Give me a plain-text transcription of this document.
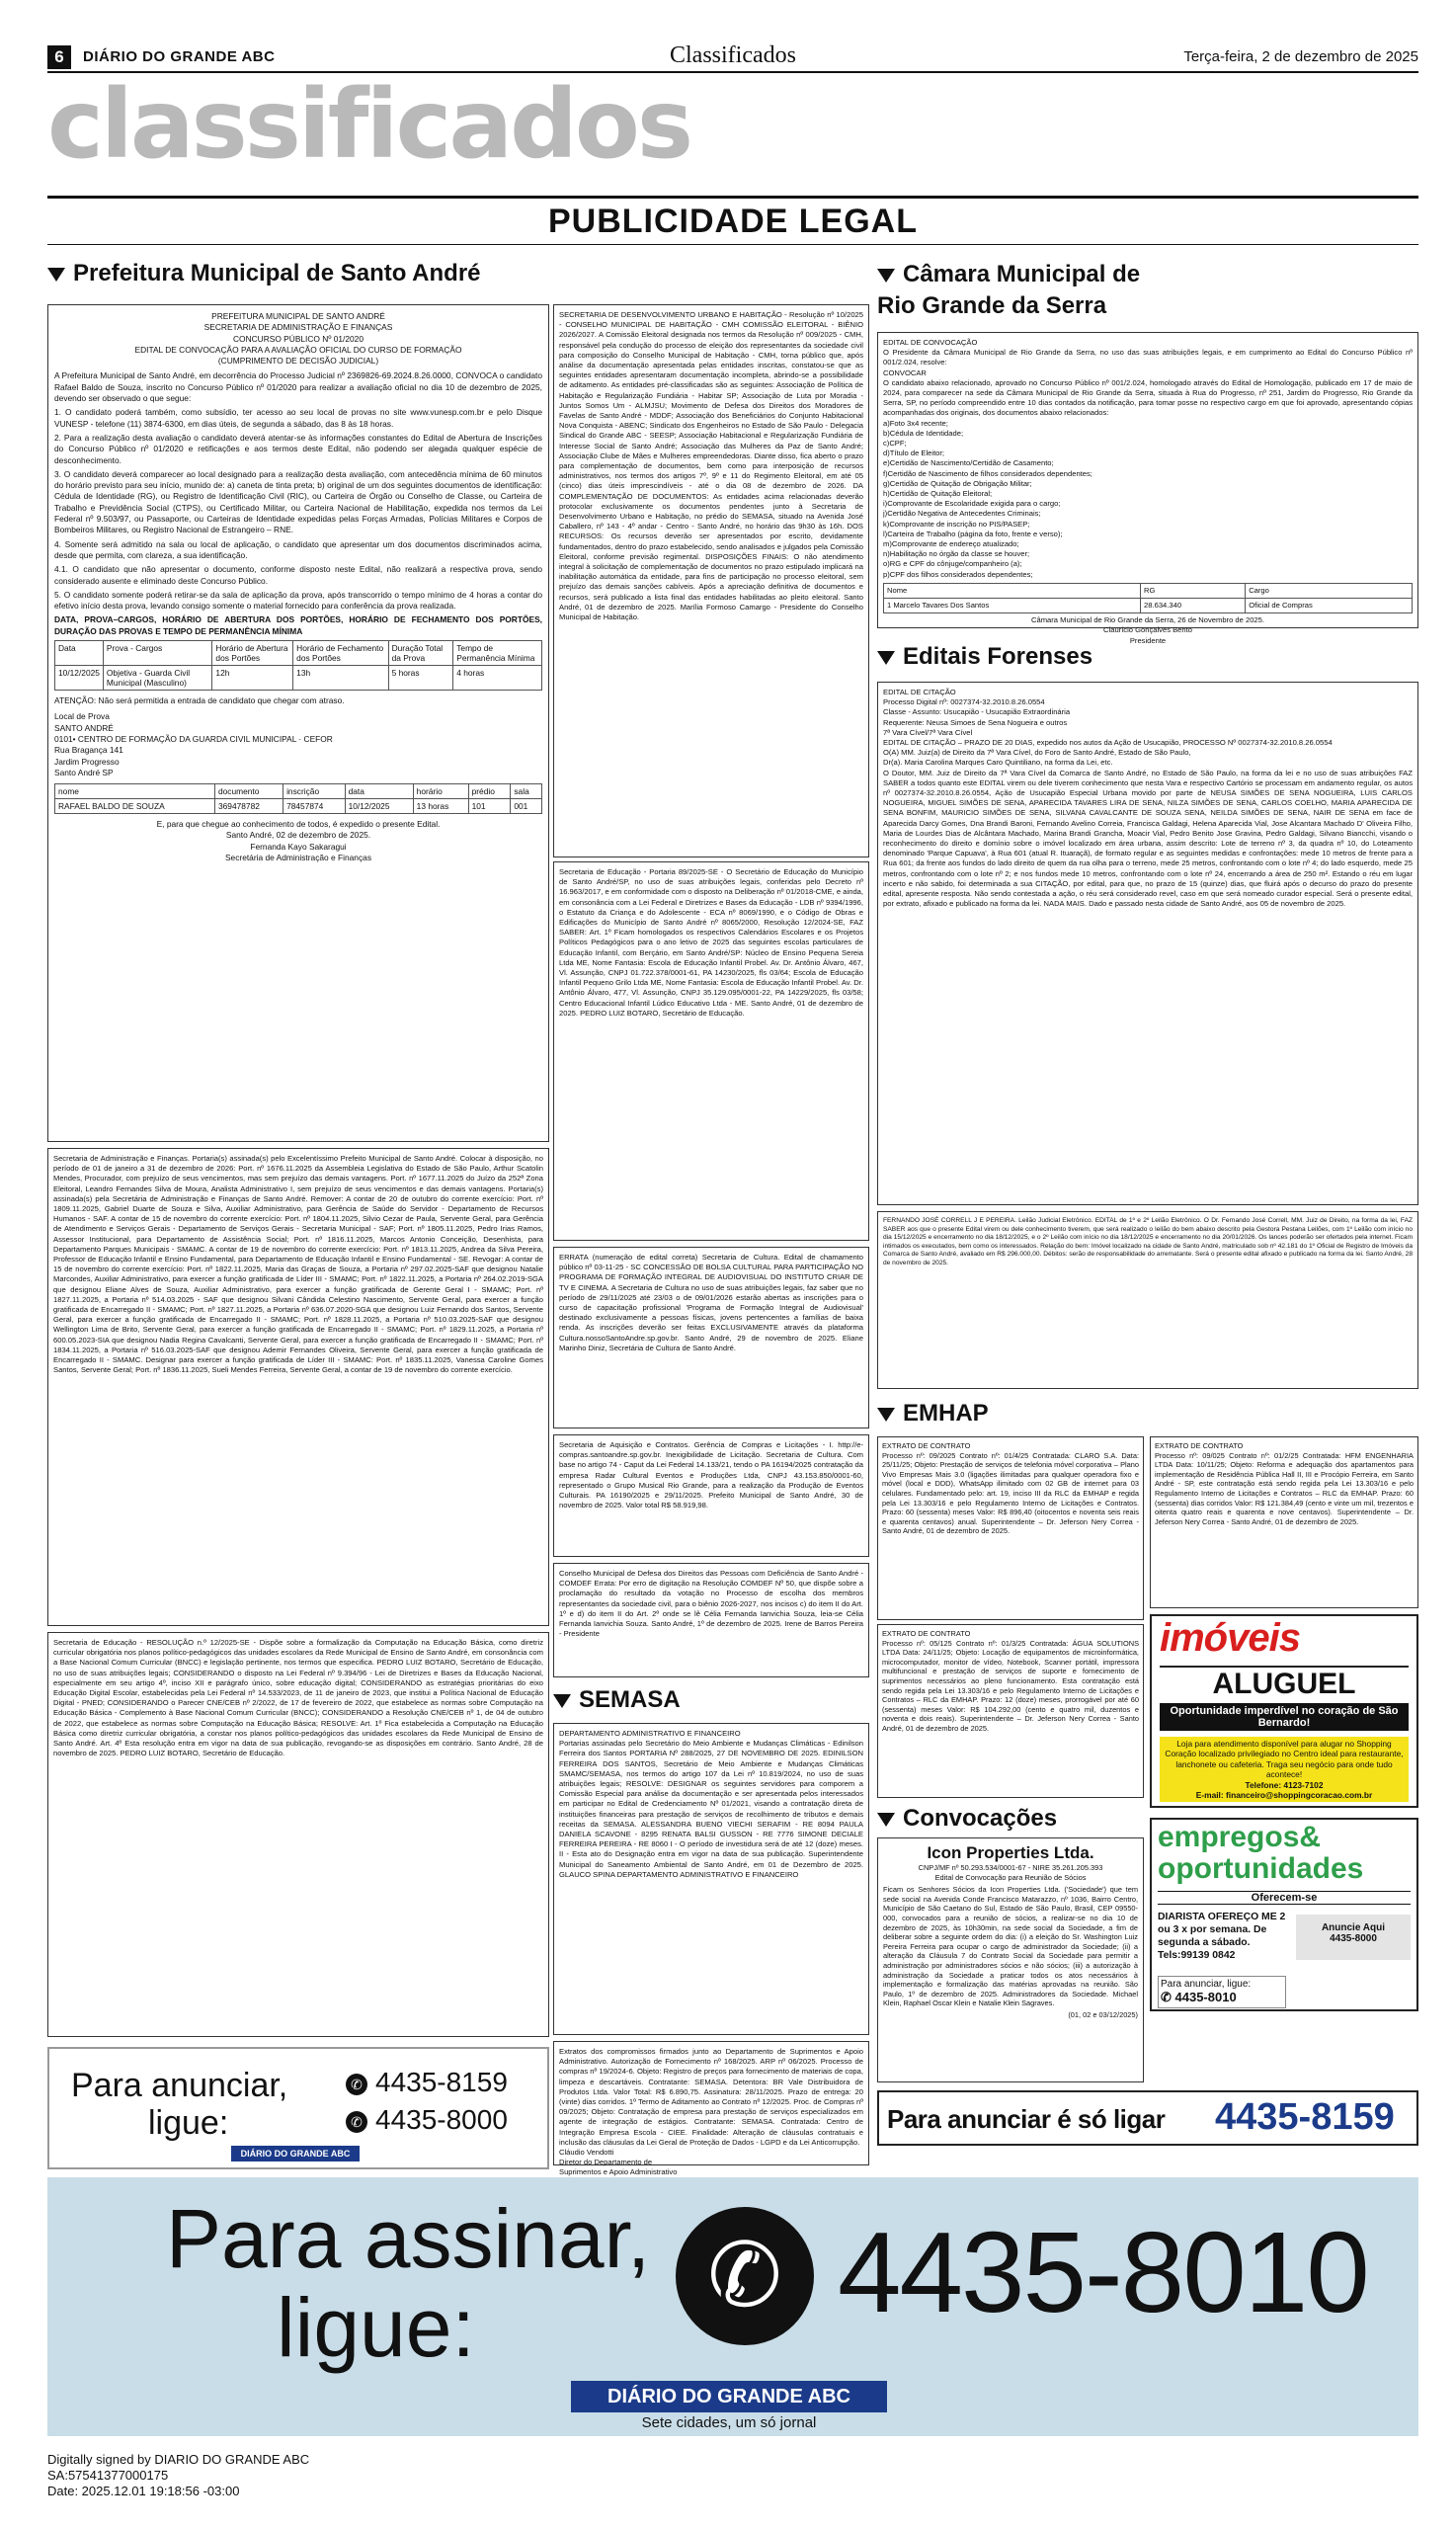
6	DIÁRIO DO GRANDE ABC	Classificados	Terça-feira, 2 de dezembro de 2025
classificados
PUBLICIDADE LEGAL
Prefeitura Municipal de Santo André
PREFEITURA MUNICIPAL DE SANTO ANDRÉ
SECRETARIA DE ADMINISTRAÇÃO E FINANÇAS
CONCURSO PÚBLICO Nº 01/2020
EDITAL DE CONVOCAÇÃO PARA A AVALIAÇÃO OFICIAL DO CURSO DE FORMAÇÃO
(CUMPRIMENTO DE DECISÃO JUDICIAL)

A Prefeitura Municipal de Santo André, em decorrência do Processo Judicial nº 2369826-69.2024.8.26.0000, CONVOCA o candidato Rafael Baldo de Souza, inscrito no Concurso Público nº 01/2020 para realizar a avaliação oficial no dia 10 de dezembro de 2025, devendo ser observado o que segue:

1. O candidato poderá também, como subsídio, ter acesso ao seu local de provas no site www.vunesp.com.br e pelo Disque VUNESP - telefone (11) 3874-6300, em dias úteis, de segunda a sábado, das 8 às 18 horas.

2. Para a realização desta avaliação o candidato deverá atentar-se às informações constantes do Edital de Abertura de Inscrições do Concurso Público nº 01/2020 e retificações e aos termos deste Edital, não podendo ser alegada qualquer espécie de desconhecimento.

3. O candidato deverá comparecer ao local designado para a realização desta avaliação, com antecedência mínima de 60 minutos do horário previsto para seu início, munido de: a) caneta de tinta preta; b) original de um dos seguintes documentos de identificação: Cédula de Identidade (RG), ou Registro de Identificação Civil (RIC), ou Carteira de Órgão ou Conselho de Classe, ou Carteira de Trabalho e Previdência Social (CTPS), ou Certificado Militar, ou Carteira Nacional de Habilitação, expedida nos termos da Lei Federal nº 9.503/97, ou Passaporte, ou Carteiras de Identidade expedidas pelas Forças Armadas, Polícias Militares e Corpos de Bombeiros Militares, ou Registro Nacional de Estrangeiro – RNE.

4. Somente será admitido na sala ou local de aplicação, o candidato que apresentar um dos documentos discriminados acima, desde que permita, com clareza, a sua identificação.

4.1. O candidato que não apresentar o documento, conforme disposto neste Edital, não realizará a respectiva prova, sendo considerado ausente e eliminado deste Concurso Público.

5. O candidato somente poderá retirar-se da sala de aplicação da prova, após transcorrido o tempo mínimo de 4 horas a contar do efetivo início desta prova, levando consigo somente o material fornecido para conferência da prova realizada.

DATA, PROVA–CARGOS, HORÁRIO DE ABERTURA DOS PORTÕES, HORÁRIO DE FECHAMENTO DOS PORTÕES, DURAÇÃO DAS PROVAS E TEMPO DE PERMANÊNCIA MÍNIMA

Data	Prova - Cargos	Horário de Abertura dos Portões	Horário de Fechamento dos Portões	Duração Total da Prova	Tempo de Permanência Mínima
10/12/2025	Objetiva - Guarda Civil Municipal (Masculino)	12h	13h	5 horas	4 horas
ATENÇÃO: Não será permitida a entrada de candidato que chegar com atraso.
Local de Prova
SANTO ANDRÉ
0101• CENTRO DE FORMAÇÃO DA GUARDA CIVIL MUNICIPAL · CEFOR
Rua Bragança 141
Jardim Progresso
Santo André SP
nome	documento	inscrição	data	horário	prédio	sala
RAFAEL BALDO DE SOUZA	369478782	78457874	10/12/2025	13 horas	101	001
E, para que chegue ao conhecimento de todos, é expedido o presente Edital.
Santo André, 02 de dezembro de 2025.
Fernanda Kayo Sakaragui
Secretária de Administração e Finanças
Secretaria de Administração e Finanças. Portaria(s) assinada(s) pelo Excelentíssimo Prefeito Municipal de Santo André. Colocar à disposição, no período de 01 de janeiro a 31 de dezembro de 2026: Port. nº 1676.11.2025 da Assembleia Legislativa do Estado de São Paulo, Arthur Scatolin Mendes, Procurador, com prejuízo de seus vencimentos, mas sem prejuízo das demais vantagens. Port. nº 1677.11.2025 do Juízo da 252ª Zona Eleitoral, Leandro Fernandes Silva de Moura, Analista Administrativo I, sem prejuízo de seus vencimentos e das demais vantagens. Portaria(s) assinada(s) pela Secretária de Administração e Finanças de Santo André. Remover: A contar de 20 de outubro do corrente exercício: Port. nº 1809.11.2025, Gabriel Duarte de Souza e Silva, Auxiliar Administrativo, para Gerência de Saúde do Servidor - Departamento de Recursos Humanos - SAF. A contar de 15 de novembro do corrente exercício: Port. nº 1804.11.2025, Silvio Cezar de Paula, Servente Geral, para Gerência de Atendimento e Serviços Gerais - Departamento de Serviços Gerais - Secretaria Municipal - SAF; Port. nº 1805.11.2025, Pedro Irias Ramos, Assessor Institucional, para Departamento de Assistência Social; Port. nº 1816.11.2025, Marcos Antonio Conceição, Desenhista, para Departamento Parques Municipais - SMAMC. A contar de 19 de novembro do corrente exercício: Port. nº 1813.11.2025, Andrea da Silva Pereira, Professor de Educação Infantil e Ensino Fundamental, para Departamento de Educação Infantil e Ensino Fundamental - SE. Revogar: A contar de 15 de novembro do corrente exercício: Port. nº 1822.11.2025, Maria das Graças de Souza, a Portaria nº 297.02.2025-SAF que designou Natalie Marcondes, Auxiliar Administrativo, para exercer a função gratificada de Líder III - SMAMC; Port. nº 1822.11.2025, a Portaria nº 264.02.2019-SGA que designou Eliane Alves de Souza, Auxiliar Administrativo, para exercer a função gratificada de Gerente Geral I - SMAMC; Port. nº 1827.11.2025, a Portaria nº 514.03.2025 - SAF que designou Silvani Cândida Celestino Nascimento, Servente Geral, para exercer a função gratificada de Encarregado II - SMAMC; Port. nº 1827.11.2025, a Portaria nº 636.07.2020-SGA que designou Luiz Fernando dos Santos, Servente Geral, para exercer a função gratificada de Encarregado II - SMAMC; Port. nº 1828.11.2025, a Portaria nº 510.03.2025-SAF que designou Wellington Lima de Brito, Servente Geral, para exercer a função gratificada de Encarregado II - SMAMC; Port. nº 1829.11.2025, a Portaria nº 600.05.2023-SIA que designou Nadia Regina Cavalcanti, Servente Geral, para exercer a função gratificada de Encarregado II - SMAMC; Port. nº 1834.11.2025, a Portaria nº 516.03.2025-SAF que designou Ademir Fernandes Oliveira, Servente Geral, para exercer a função gratificada de Encarregado II - SMAMC. Designar para exercer a função gratificada de Líder III - SMAMC: Port. nº 1835.11.2025, Vanessa Caroline Gomes Santos, Servente Geral; Port. nº 1836.11.2025, Sueli Mendes Ferreira, Servente Geral, a contar de 19 de novembro do corrente exercício.
Secretaria de Educação - RESOLUÇÃO n.º 12/2025-SE - Dispõe sobre a formalização da Computação na Educação Básica, como diretriz curricular obrigatória nos planos político-pedagógicos das unidades escolares da Rede Municipal de Ensino de Santo André, em consonância com a Base Nacional Comum Curricular (BNCC) e legislação pertinente, nos termos que especifica. PEDRO LUIZ BOTARO, Secretário de Educação, no uso de suas atribuições legais; CONSIDERANDO o disposto na Lei Federal nº 9.394/96 - Lei de Diretrizes e Bases da Educação Nacional, especialmente em seu artigo 4º, inciso XII e parágrafo único, sobre educação digital; CONSIDERANDO as estratégias prioritárias do eixo Educação Digital Escolar, estabelecidas pela Lei Federal nº 14.533/2023, de 11 de janeiro de 2023, que institui a Política Nacional de Educação Digital - PNED; CONSIDERANDO o Parecer CNE/CEB nº 2/2022, de 17 de fevereiro de 2022, que estabelece as normas sobre Computação na Educação Básica - Complemento à Base Nacional Comum Curricular (BNCC); CONSIDERANDO a Resolução CNE/CEB nº 1, de 04 de outubro de 2022, que estabelece as normas sobre Computação na Educação Básica; RESOLVE: Art. 1º Fica estabelecida a Computação na Educação Básica como diretriz curricular obrigatória, a constar nos planos político-pedagógicos das unidades escolares da Rede Municipal de Ensino de Santo André. Art. 4º Esta resolução entra em vigor na data de sua publicação, revogando-se as disposições em contrário. Santo André, 28 de novembro de 2025. PEDRO LUIZ BOTARO, Secretário de Educação.
Para anunciar,
ligue:
✆ 4435-8159
✆ 4435-8000
DIÁRIO DO GRANDE ABC
SECRETARIA DE DESENVOLVIMENTO URBANO E HABITAÇÃO - Resolução nº 10/2025 - CONSELHO MUNICIPAL DE HABITAÇÃO - CMH COMISSÃO ELEITORAL - BIÊNIO 2026/2027. A Comissão Eleitoral designada nos termos da Resolução nº 009/2025 - CMH, responsável pela condução do processo de eleição dos representantes da sociedade civil para composição do Conselho Municipal de Habitação - CMH, torna público que, após análise da documentação apresentada pelas entidades inscritas, constatou-se que as seguintes entidades apresentaram documentação incompleta, abrindo-se a possibilidade de aditamento. As entidades pré-classificadas são as seguintes: Associação de Política de Habitação e Regularização Fundiária - Habitar SP; Associação de Luta por Moradia - Juntos Somos Um - ALMJSU; Movimento de Defesa dos Direitos dos Moradores de Favelas de Santo André - MDDF; Associação dos Beneficiários do Conjunto Habitacional Nova Conquista - ABENC; Sindicato dos Engenheiros no Estado de São Paulo - Delegacia Sindical do Grande ABC - SEESP; Associação Habitacional e Regularização Fundiária de Interesse Social de Santo André; Associação das Mulheres da Paz de Santo André; Associação Clube de Mães e Mulheres empreendedoras. Diante disso, fica aberto o prazo para complementação de documentos, bem como para interposição de recursos administrativos, nos termos dos artigos 7º, 9º e 11 do Regimento Eleitoral, em até 05 (cinco) dias úteis imprescindíveis - até o dia 08 de dezembro de 2026. DA COMPLEMENTAÇÃO DE DOCUMENTOS: As entidades acima relacionadas deverão protocolar exclusivamente os documentos pendentes junto à Secretaria de Desenvolvimento Urbano e Habitação, no prédio do SEMASA, situado na Avenida José Caballero, nº 143 - 4º andar - Centro - Santo André, no horário das 9h30 às 16h. DOS RECURSOS: Os recursos deverão ser apresentados por escrito, devidamente fundamentados, dentro do prazo estabelecido, sendo analisados e julgados pela Comissão Eleitoral, conforme previsão regimental. DISPOSIÇÕES FINAIS: O não atendimento integral à solicitação de complementação de documentos no prazo estipulado implicará na inabilitação automática da entidade, para fins de participação no processo eleitoral, sem prejuízo das demais sanções cabíveis. Após a apreciação definitiva de documentos e recursos, será publicado a lista final das entidades habilitadas ao pleito eleitoral. Santo André, 01 de dezembro de 2025. Marília Formoso Camargo - Presidente do Conselho Municipal de Habitação.
Secretaria de Educação - Portaria 89/2025-SE - O Secretário de Educação do Município de Santo André/SP, no uso de suas atribuições legais, conferidas pelo Decreto nº 16.963/2017, e em conformidade com o disposto na Deliberação nº 01/2018-CME, e ainda, em consonância com a Lei Federal e Diretrizes e Bases da Educação - LDB nº 9394/1996, o Estatuto da Criança e do Adolescente - ECA nº 8069/1990, e o Código de Obras e Edificações do Município de Santo André nº 8065/2000, Resolução 12/2024-SE, FAZ SABER: Art. 1º Ficam homologados os respectivos Calendários Escolares e os Projetos Políticos Pedagógicos para o ano letivo de 2025 das seguintes escolas particulares de Educação Infantil, com Berçário, em Santo André/SP: Núcleo de Ensino Pequena Sereia Ltda ME, Nome Fantasia: Escola de Educação Infantil Probel. Av. Dr. Antônio Álvaro, 467, Vl. Assunção, CNPJ 01.722.378/0001-61, PA 14230/2025, fls 03/64; Escola de Educação Infantil Pequeno Grilo Ltda ME, Nome Fantasia: Escola de Educação Infantil Probel. Av. Dr. Antônio Álvaro, 477, Vl. Assunção, CNPJ 35.129.095/0001-22, PA 14229/2025, fls 03/58; Centro Educacional Infantil Lúdico Educativo Ltda - ME. Santo André, 01 de dezembro de 2025. PEDRO LUIZ BOTARO, Secretário de Educação.
ERRATA (numeração de edital correta) Secretaria de Cultura. Edital de chamamento público nº 03-11-25 - SC CONCESSÃO DE BOLSA CULTURAL PARA PARTICIPAÇÃO NO PROGRAMA DE FORMAÇÃO INTEGRAL DE AUDIOVISUAL DO INSTITUTO CRIAR DE TV E CINEMA. A Secretaria de Cultura no uso de suas atribuições legais, faz saber que no período de 29/11/2025 até 23/03 o de 09/01/2026 estarão abertas as inscrições para o curso de capacitação profissional 'Programa de Formação Integral de Audiovisual' destinado exclusivamente a pessoas físicas, jovens pertencentes a famílias de baixa renda. As inscrições deverão ser feitas EXCLUSIVAMENTE através da plataforma Cultura.nossoSantoAndre.sp.gov.br. Santo André, 29 de novembro de 2025. Eliane Marinho Diniz, Secretária de Cultura de Santo André.
Secretaria de Aquisição e Contratos. Gerência de Compras e Licitações - I. http://e-compras.santoandre.sp.gov.br. Inexigibilidade de Licitação. Secretaria de Cultura. Com base no artigo 74 - Caput da Lei Federal 14.133/21, tendo o PA 16194/2025 contratação da empresa Radar Cultural Eventos e Produções Ltda, CNPJ 43.153.850/0001-60, representado o Grupo Musical Rio Grande, para a realização da Produção de Eventos Culturais. PA 16190/2025 e 29/11/2025. Prefeito Municipal de Santo André, 30 de novembro de 2025. Valor total R$ 58.919,98.
Conselho Municipal de Defesa dos Direitos das Pessoas com Deficiência de Santo André - COMDEF Errata: Por erro de digitação na Resolução COMDEF Nº 50, que dispõe sobre a proclamação do resultado da votação no Processo de escolha dos membros representantes da sociedade civil, para o biênio 2026-2027, nos incisos c) do item II do Art. 1º e d) do item II do Art. 2º onde se lê Célia Fernanda Ianvichia Souza, leia-se Célia Fernanda Ianvichia Souza. Santo André, 1º de dezembro de 2025. Irene de Barros Pereira - Presidente
SEMASA
DEPARTAMENTO ADMINISTRATIVO E FINANCEIRO
Portarias assinadas pelo Secretário do Meio Ambiente e Mudanças Climáticas - Edinilson Ferreira dos Santos PORTARIA Nº 288/2025, 27 DE NOVEMBRO DE 2025. EDINILSON FERREIRA DOS SANTOS, Secretário de Meio Ambiente e Mudanças Climáticas SMAMC/SEMASA, nos termos do artigo 107 da Lei nº 10.819/2024, no uso de suas atribuições legais; RESOLVE: DESIGNAR os seguintes servidores para comporem a Comissão Especial para análise da documentação e ser apresentada pelos interessados em participar no Edital de Credenciamento Nº 01/2021, visando a contratação direta de instituições financeiras para prestação de serviços de recolhimento de tributos e demais receitas da SEMASA. ALESSANDRA BUENO VIECHI SERAFIM - RE 8094 PAULA DANIELA SCAVONE - 8295 RENATA BALSI GUSSON - RE 7776 SIMONE DECIALE FERREIRA PEREIRA - RE 8060 I - O período de investidura será de até 12 (doze) meses. II - Esta ato do Designação entra em vigor na data de sua publicação. Superintendente Municipal do Saneamento Ambiental de Santo André, em 01 de Dezembro de 2025. GLAUCO SPINA DEPARTAMENTO ADMINISTRATIVO E FINANCEIRO
Extratos dos compromissos firmados junto ao Departamento de Suprimentos e Apoio Administrativo. Autorização de Fornecimento nº 168/2025. ARP nº 06/2025. Processo de compras nº 19/2024-6. Objeto: Registro de preços para fornecimento de materiais de copa, limpeza e descartáveis. Contratante: SEMASA. Detentora: BR Vale Distribuidora de Produtos Ltda. Valor Total: R$ 6.890,75. Assinatura: 28/11/2025. Prazo de entrega: 20 (vinte) dias corridos. 1º Termo de Aditamento ao Contrato nº 12/2025. Proc. de Compras nº 09/2025; Objeto: Contratação de empresa para prestação de serviços especializados em agente de integração de estágios. Contratante: SEMASA. Contratada: Centro de Integração Empresa Escola - CIEE. Finalidade: Alteração de cláusulas contratuais e inclusão das cláusulas da Lei Geral de Proteção de Dados - LGPD e da Lei Anticorrupção.
Cláudio Vendotti
Diretor do Departamento de
Suprimentos e Apoio Administrativo
Câmara Municipal de
Rio Grande da Serra
EDITAL DE CONVOCAÇÃO
O Presidente da Câmara Municipal de Rio Grande da Serra, no uso das suas atribuições legais, e em cumprimento ao Edital do Concurso Público nº 001/2.024, resolve:
CONVOCAR
O candidato abaixo relacionado, aprovado no Concurso Público nº 001/2.024, homologado através do Edital de Homologação, publicado em 17 de maio de 2024, para comparecer na sede da Câmara Municipal de Rio Grande da Serra, situada à Rua do Progresso, nº 251, Jardim do Progresso, Rio Grande da Serra, SP, no período compreendido entre 10 dias contados da notificação, para tomar posse no respectivo cargo em que foi aprovado, apresentando cópias acompanhadas dos originais, dos documentos abaixo relacionados:
a)Foto 3x4 recente;
b)Cédula de Identidade;
c)CPF;
d)Título de Eleitor;
e)Certidão de Nascimento/Certidão de Casamento;
f)Certidão de Nascimento de filhos considerados dependentes;
g)Certidão de Quitação de Obrigação Militar;
h)Certidão de Quitação Eleitoral;
i)Comprovante de Escolaridade exigida para o cargo;
j)Certidão Negativa de Antecedentes Criminais;
k)Comprovante de inscrição no PIS/PASEP;
l)Carteira de Trabalho (página da foto, frente e verso);
m)Comprovante de endereço atualizado;
n)Habilitação no órgão da classe se houver;
o)RG e CPF do cônjuge/companheiro (a);
p)CPF dos filhos considerados dependentes;
Nome	RG	Cargo
1 Marcelo Tavares Dos Santos	28.634.340	Oficial de Compras
Câmara Municipal de Rio Grande da Serra, 26 de Novembro de 2025.
Claurício Gonçalves Bento
Presidente
Editais Forenses
EDITAL DE CITAÇÃO
Processo Digital nº: 0027374-32.2010.8.26.0554
Classe - Assunto: Usucapião - Usucapião Extraordinária
Requerente: Neusa Simoes de Sena Nogueira e outros
7ª Vara Cível/7ª Vara Cível
EDITAL DE CITAÇÃO – PRAZO DE 20 DIAS, expedido nos autos da Ação de Usucapião, PROCESSO Nº 0027374-32.2010.8.26.0554
O(A) MM. Juiz(a) de Direito da 7ª Vara Cível, do Foro de Santo André, Estado de São Paulo,
Dr(a). Maria Carolina Marques Caro Quintiliano, na forma da Lei, etc.
O Doutor, MM. Juiz de Direito da 7ª Vara Cível da Comarca de Santo André, no Estado de São Paulo, na forma da lei e no uso de suas atribuições FAZ SABER a todos quanto este EDITAL virem ou dele tiverem conhecimento que nesta Vara e respectivo Cartório se processam em andamento regular, os autos nº 0027374-32.2010.8.26.0554, Ação de Usucapião Especial Urbana movido por parte de NEUSA SIMÕES DE SENA NOGUEIRA, LUIS CARLOS NOGUEIRA, MIGUEL SIMÕES DE SENA, APARECIDA TAVARES LIRA DE SENA, NILZA SIMÕES DE SENA, CARLOS COELHO, MARIA APARECIDA DE SENA BONFIM, MAURICIO SIMÕES DE SENA, SILVANA CAVALCANTE DE SOUZA SENA, NEILDA SIMÕES DE SENA, NAIR DE SENA em face de Aparecida Darcy Gomes, Dna Brandi Baroni, Fernando Avelino Correia, Francisca Galdagi, Helena Aparecida Vial, Jose Alcantara Machado D' Oliveira Filho, Maria de Lourdes Dias de Alcântara Machado, Marina Brandi Grancha, Moacir Vial, Pedro Benito Jose Gravina, Pedro Galdagi, Silvano Biancchi, visando o reconhecimento do direito e domínio sobre o imóvel localizado em área urbana, assim descrito: Lote de terreno nº 3, da quadra nº 10, do Loteamento denominado 'Parque Capuava', à Rua 601 (atual R. Ituaraçã), de formato regular e as seguintes medidas e confrontações: mede 10 metros de frente para a Rua 601; da frente aos fundos do lado direito de quem da rua olha para o terreno, mede 25 metros, confrontando com o lote nº 4; do lado esquerdo, mede 25 metros, confrontando com o lote nº 2; e nos fundos mede 10 metros, confrontando com o lote nº 24, encerrando a área de 250 m². Estando o réu em lugar incerto e não sabido, foi determinada a sua CITAÇÃO, por edital, para que, no prazo de 15 (quinze) dias, que fluirá após o decurso do prazo do presente edital, apresente resposta. Não sendo contestada a ação, o réu será considerado revel, caso em que será nomeado curador especial. Será o presente edital, por extrato, afixado e publicado na forma da lei. NADA MAIS. Dado e passado nesta cidade de Santo André, aos 05 de novembro de 2025.
FERNANDO JOSÉ CORRELL J E PEREIRA. Leilão Judicial Eletrônico. EDITAL de 1º e 2º Leilão Eletrônico. O Dr. Fernando José Correll, MM. Juiz de Direito, na forma da lei, FAZ SABER aos que o presente Edital virem ou dele conhecimento tiverem, que será realizado o leilão do bem abaixo descrito pela Gestora Pestana Leilões, com 1º Leilão com início no dia 15/12/2025 e encerramento no dia 18/12/2025, e o 2º Leilão com início no dia 18/12/2025 e encerramento no dia 20/01/2026. Os lances poderão ser ofertados pela internet. Ficam intimados os executados, bem como os interessados. Relação do bem: Imóvel localizado na cidade de Santo André, matriculado sob nº 42.181 do 1º Oficial de Registro de Imóveis da Comarca de Santo André, avaliado em R$ 296.000,00. Débitos: serão de responsabilidade do arrematante. Será o presente edital afixado e publicado na forma da lei. Santo André, 28 de novembro de 2025.
EMHAP
EXTRATO DE CONTRATO
Processo nº: 09/2025 Contrato nº: 01/4/25 Contratada: CLARO S.A. Data: 25/11/25; Objeto: Prestação de serviços de telefonia móvel corporativa – Plano Vivo Empresas Mais 3.0 (ligações ilimitadas para qualquer operadora fixo e móvel (local e DDD), WhatsApp ilimitado com 02 GB de internet para 03 celulares. Fundamentado pelo: art. 19, inciso III da RLC da EMHAP e regida pela Lei 13.303/16 e pelo Regulamento Interno de Licitações e Contratos. Prazo: 60 (sessenta) meses Valor: R$ 896,40 (oitocentos e noventa seis reais e quarenta centavos) anual. Superintendente – Dr. Jeferson Nery Correa - Santo André, 01 de dezembro de 2025.
EXTRATO DE CONTRATO
Processo nº: 05/125 Contrato nº: 01/3/25 Contratada: ÁGUA SOLUTIONS LTDA Data: 24/11/25; Objeto: Locação de equipamentos de microinformática, microcomputador, monitor de vídeo, Notebook, Scanner portátil, impressora multifuncional e prestação de serviços de suporte e fornecimento de suprimentos necessários ao pleno funcionamento. Esta contratação está sendo regida pela Lei 13.303/16 e pelo Regulamento Interno de Licitações e Contratos – RLC da EMHAP. Prazo: 12 (doze) meses, prorrogável por até 60 (sessenta) meses Valor: R$ 104.292,00 (cento e quatro mil, duzentos e noventa e dois reais). Superintendente – Dr. Jeferson Nery Correa - Santo André, 01 de dezembro de 2025.
EXTRATO DE CONTRATO
Processo nº: 09/025 Contrato nº: 01/2/25 Contratada: HFM ENGENHARIA LTDA Data: 10/11/25; Objeto: Reforma e adequação dos apartamentos para implementação de Residência Pública Hall II, III e Procópio Ferreira, em Santo André - SP, este contratação está sendo regida pela Lei 13.303/16 e pelo Regulamento Interno de Licitações e Contratos – RLC da EMHAP. Prazo: 60 (sessenta) dias corridos Valor: R$ 121.384,49 (cento e vinte um mil, trezentos e oitenta quatro reais e quarenta e nove centavos). Superintendente – Dr. Jeferson Nery Correa - Santo André, 01 de dezembro de 2025.
Convocações
Icon Properties Ltda.
CNPJ/MF nº 50.293.534/0001-67 - NIRE 35.261.205.393
Edital de Convocação para Reunião de Sócios
Ficam os Senhores Sócios da Icon Properties Ltda. ('Sociedade') que tem sede social na Avenida Conde Francisco Matarazzo, nº 1036, Bairro Centro, Município de São Caetano do Sul, Estado de São Paulo, Brasil, CEP 09550-000, convocados para a reunião de sócios, a realizar-se no dia 10 de dezembro de 2025, às 10h30min, na sede social da Sociedade, a fim de deliberar sobre a seguinte ordem do dia: (i) a eleição do Sr. Washington Luiz Pereira Ferreira para ocupar o cargo de administrador da Sociedade; (ii) a alteração da Cláusula 7 do Contrato Social da Sociedade para permitir a administração por administradores sócios e não sócios; (iii) a autorização à administração da Sociedade a praticar todos os atos necessários à implementação e formalização das matérias aprovadas na reunião. São Paulo, 1º de dezembro de 2025. Administradores da Sociedade. Michael Klein, Raphael Oscar Klein e Natalie Klein Sagraves.
(01, 02 e 03/12/2025)
imóveis
ALUGUEL
Oportunidade imperdível no coração de São Bernardo!
Loja para atendimento disponível para alugar no Shopping Coração localizado privilegiado no Centro ideal para restaurante, lanchonete ou cafeteria. Traga seu negócio para onde tudo acontece!
Telefone: 4123-7102
E-mail: financeiro@shoppingcoracao.com.br
empregos&
oportunidades
Oferecem-se
DIARISTA OFEREÇO ME 2 ou 3 x por semana. De segunda a sábado. Tels:99139 0842
Anuncie Aqui
4435-8000
Para anunciar, ligue:
✆ 4435-8010
Para anunciar é só ligar 4435-8159
Para assinar,
ligue:
✆ 4435-8010
DIÁRIO DO GRANDE ABC
Sete cidades, um só jornal
Digitally signed by DIARIO DO GRANDE ABC
SA:57541377000175
Date: 2025.12.01 19:18:56 -03:00
